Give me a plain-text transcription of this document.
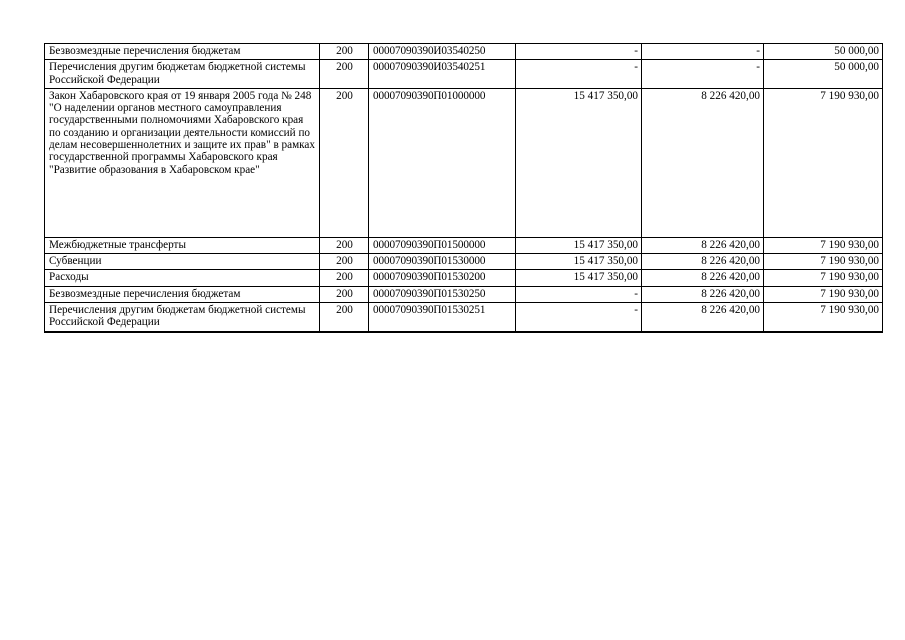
Безвозмездные перечисления бюджетам	200	00007090390И03540250	-	-	50 000,00
Перечисления другим бюджетам бюджетной системы Российской Федерации	200	00007090390И03540251	-	-	50 000,00
Закон Хабаровского края от 19 января 2005 года № 248 "О наделении органов местного самоуправления государственными полномочиями Хабаровского края по созданию и организации деятельности комиссий по делам несовершеннолетних и защите их прав" в рамках государственной программы Хабаровского края "Развитие образования в Хабаровском крае"	200	00007090390П01000000	15 417 350,00	8 226 420,00	7 190 930,00
Межбюджетные трансферты	200	00007090390П01500000	15 417 350,00	8 226 420,00	7 190 930,00
Субвенции	200	00007090390П01530000	15 417 350,00	8 226 420,00	7 190 930,00
Расходы	200	00007090390П01530200	15 417 350,00	8 226 420,00	7 190 930,00
Безвозмездные перечисления бюджетам	200	00007090390П01530250	-	8 226 420,00	7 190 930,00
Перечисления другим бюджетам бюджетной системы Российской Федерации	200	00007090390П01530251	-	8 226 420,00	7 190 930,00
